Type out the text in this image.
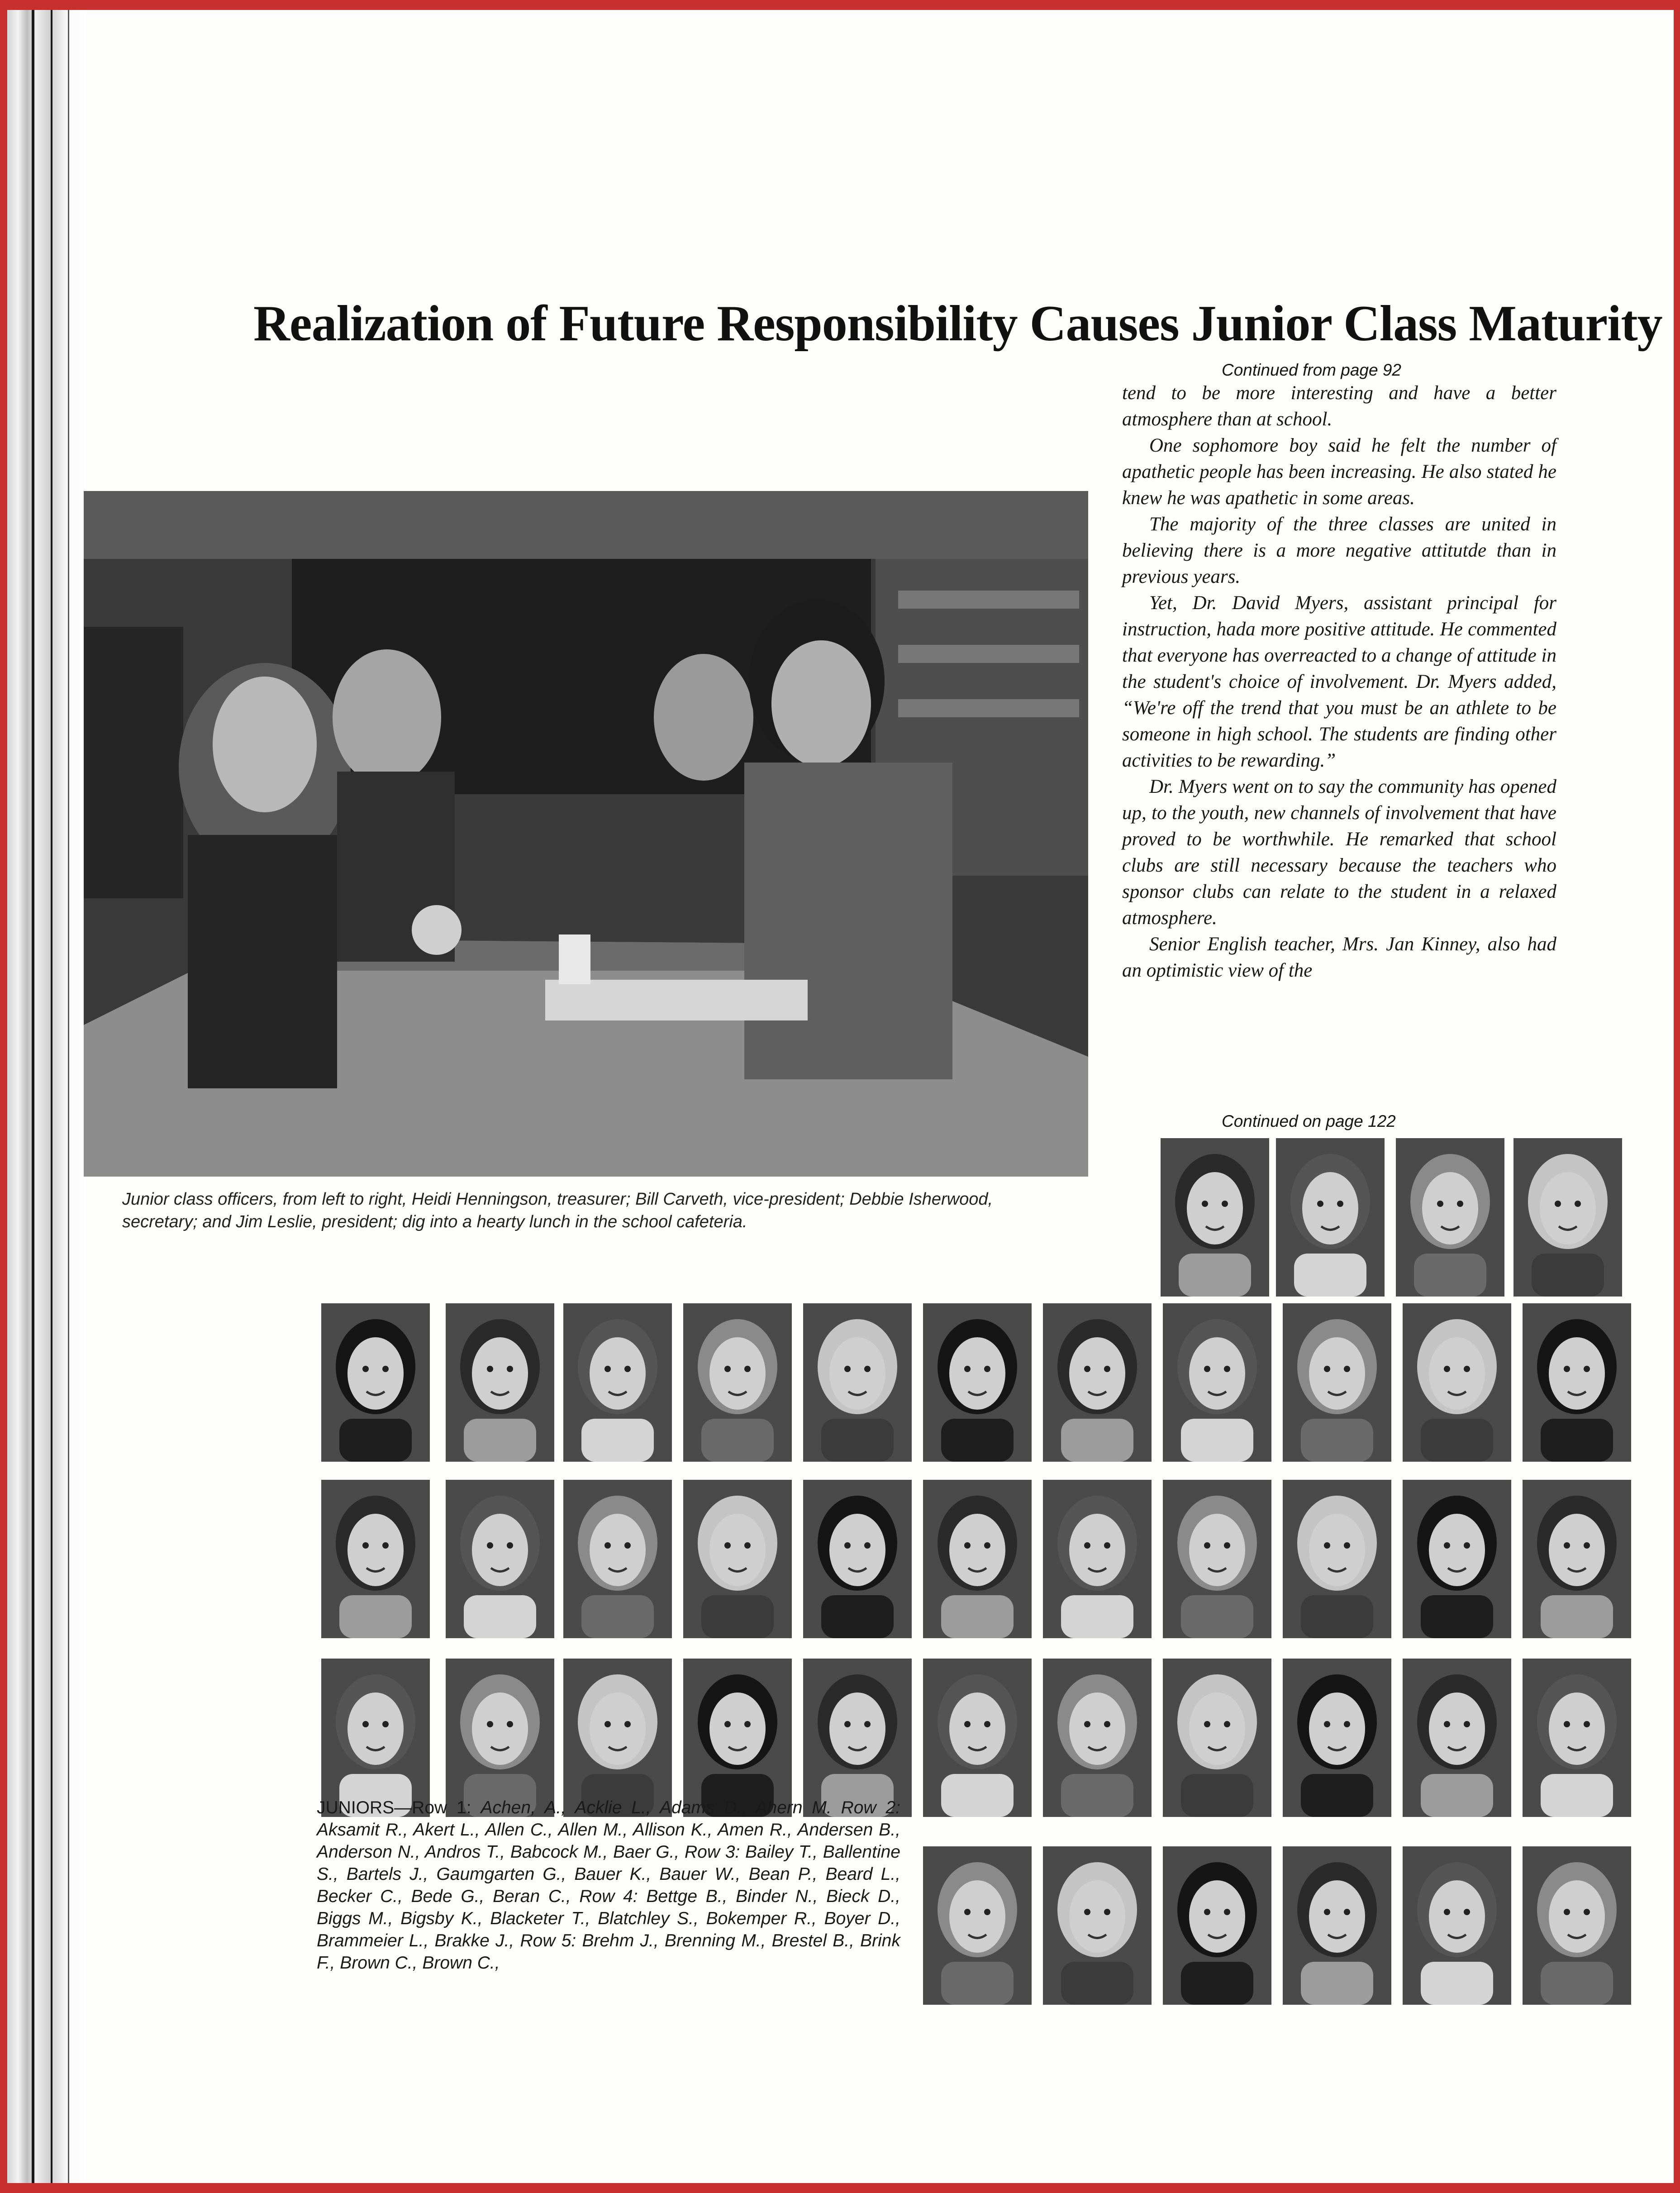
Realization of Future Responsibility Causes Junior Class Maturity
Junior class officers, from left to right, Heidi Henningson, treasurer; Bill Carveth, vice-president; Debbie Isherwood, secretary; and Jim Leslie, president; dig into a hearty lunch in the school cafeteria.
Continued from page 92

tend to be more interesting and have a better atmosphere than at school.

One sophomore boy said he felt the number of apathetic people has been increasing. He also stated he knew he was apathetic in some areas.

The majority of the three classes are united in believing there is a more negative attitutde than in previous years.

Yet, Dr. David Myers, assistant principal for instruction, hada more positive attitude. He commented that everyone has overreacted to a change of attitude in the student's choice of involvement. Dr. Myers added, “We're off the trend that you must be an athlete to be someone in high school. The students are finding other activities to be rewarding.”

Dr. Myers went on to say the community has opened up, to the youth, new channels of involvement that have proved to be worthwhile. He remarked that school clubs are still necessary because the teachers who sponsor clubs can relate to the student in a relaxed atmosphere.

Senior English teacher, Mrs. Jan Kinney, also had an optimistic view of the

Continued on page 122
JUNIORS—Row 1: Achen, A., Acklie L., Adams D., Ahern M. Row 2: Aksamit R., Akert L., Allen C., Allen M., Allison K., Amen R., Andersen B., Anderson N., Andros T., Babcock M., Baer G., Row 3: Bailey T., Ballentine S., Bartels J., Gaumgarten G., Bauer K., Bauer W., Bean P., Beard L., Becker C., Bede G., Beran C., Row 4: Bettge B., Binder N., Bieck D., Biggs M., Bigsby K., Blacketer T., Blatchley S., Bokemper R., Boyer D., Brammeier L., Brakke J., Row 5: Brehm J., Brenning M., Brestel B., Brink F., Brown C., Brown C.,
